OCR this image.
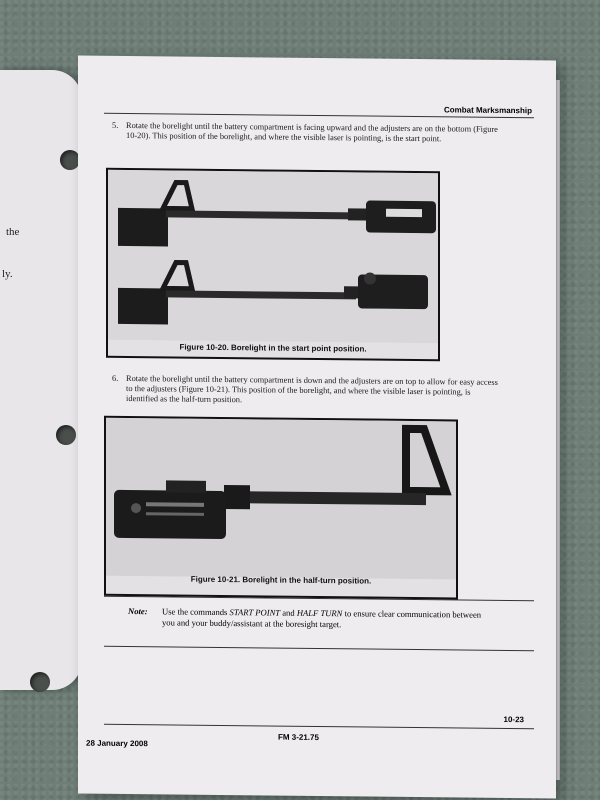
the
ly.
Combat Marksmanship
5. Rotate the borelight until the battery compartment is facing upward and the adjusters are on the bottom (Figure 10-20). This position of the borelight, and where the visible laser is pointing, is the start point.
Figure 10-20. Borelight in the start point position.
6. Rotate the borelight until the battery compartment is down and the adjusters are on top to allow for easy access to the adjusters (Figure 10-21). This position of the borelight, and where the visible laser is pointing, is identified as the half-turn position.
Figure 10-21. Borelight in the half-turn position.
Note: Use the commands START POINT and HALF TURN to ensure clear communication between you and your buddy/assistant at the boresight target.
10-23
FM 3-21.75
28 January 2008
